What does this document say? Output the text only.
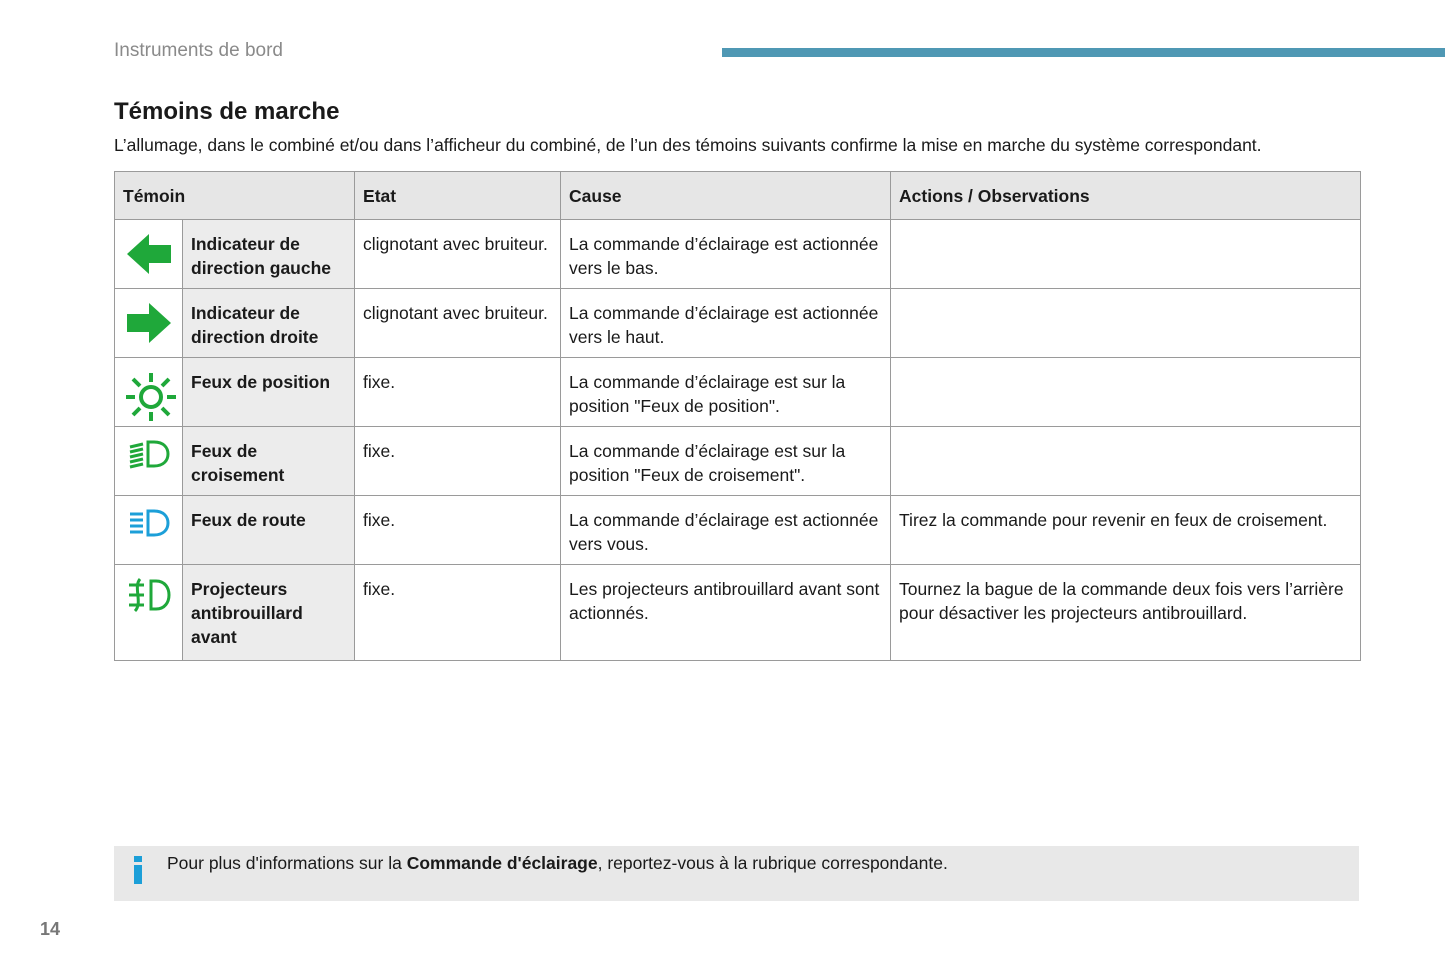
Instruments de bord
Témoins de marche
L’allumage, dans le combiné et/ou dans l’afficheur du combiné, de l’un des témoins suivants confirme la mise en marche du système correspondant.
Témoin		Etat	Cause	Actions / Observations

	Indicateur de direction gauche	clignotant avec bruiteur.	La commande d’éclairage est actionnée vers le bas.	

	Indicateur de direction droite	clignotant avec bruiteur.	La commande d’éclairage est actionnée vers le haut.	

	Feux de position	fixe.	La commande d’éclairage est sur la position "Feux de position".	

	Feux de croisement	fixe.	La commande d’éclairage est sur la position "Feux de croisement".	

	Feux de route	fixe.	La commande d’éclairage est actionnée vers vous.	Tirez la commande pour revenir en feux de croisement.

	Projecteurs antibrouillard avant	fixe.	Les projecteurs antibrouillard avant sont actionnés.	Tournez la bague de la commande deux fois vers l’arrière pour désactiver les projecteurs antibrouillard.
Pour plus d'informations sur la Commande d'éclairage, reportez-vous à la rubrique correspondante.
14
